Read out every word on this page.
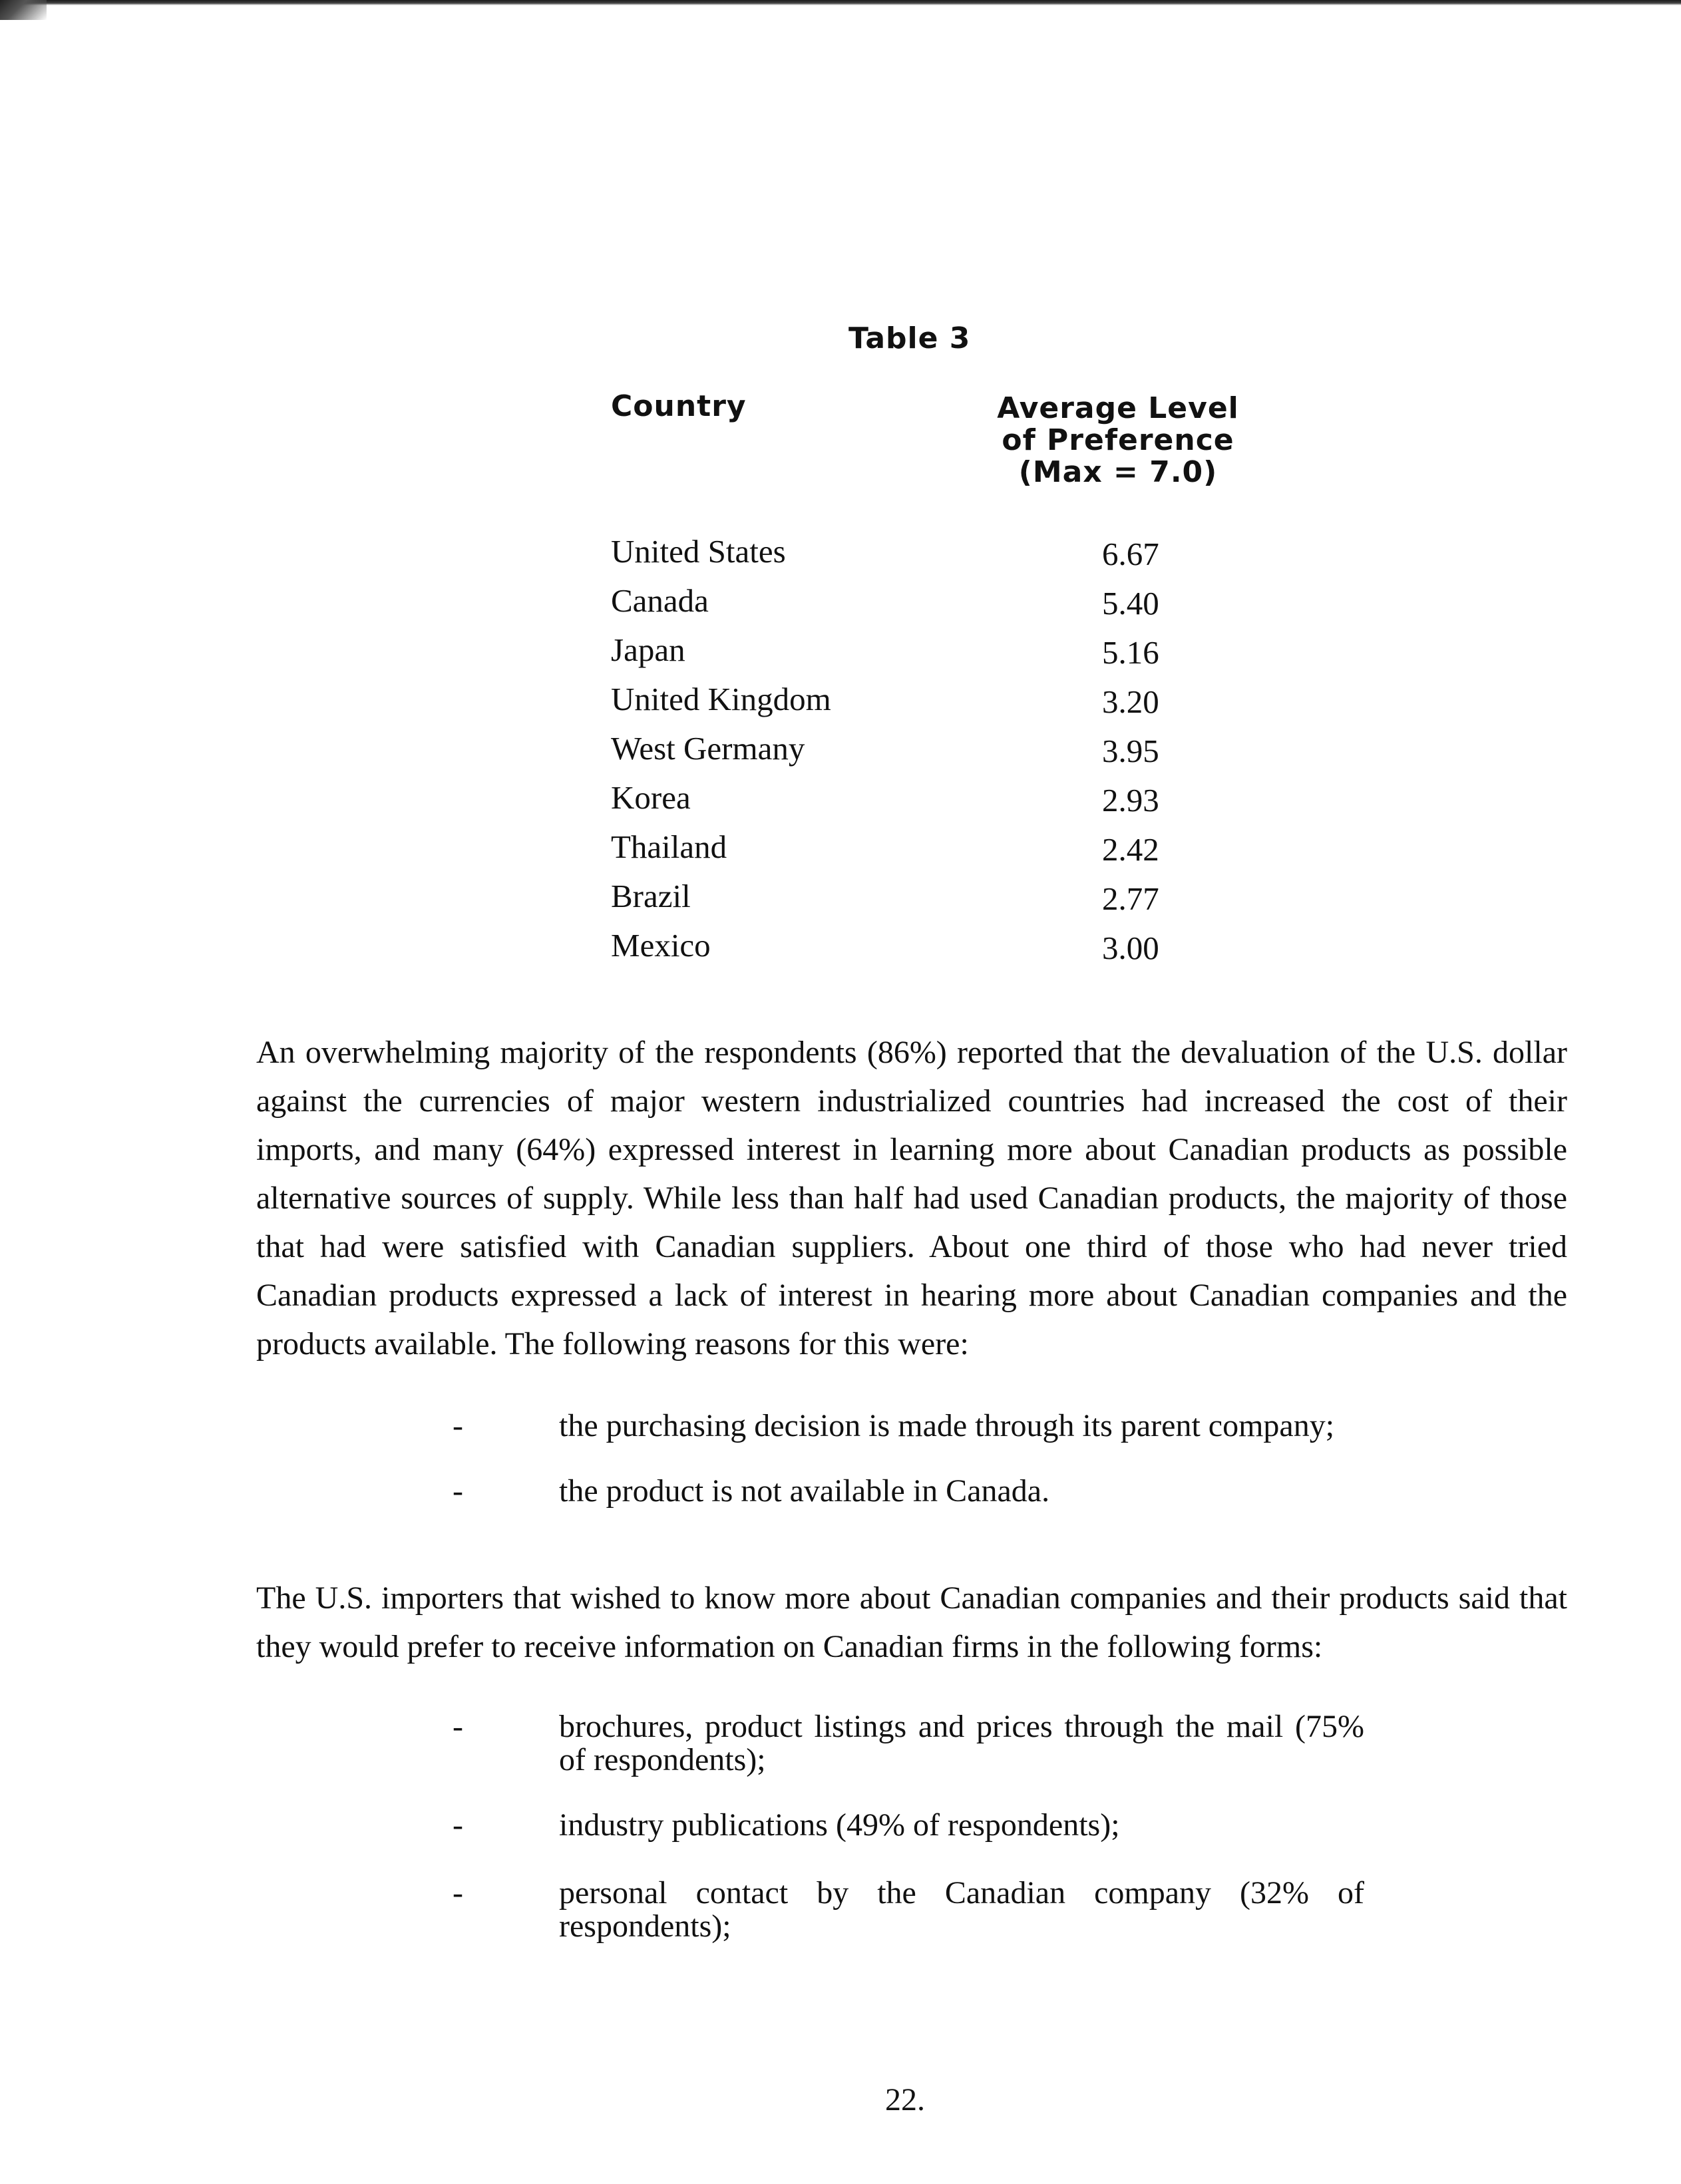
Table 3
Country	Average Level
of Preference
(Max = 7.0)
United States	6.67
Canada	5.40
Japan	5.16
United Kingdom	3.20
West Germany	3.95
Korea	2.93
Thailand	2.42
Brazil	2.77
Mexico	3.00
An overwhelming majority of the respondents (86%) reported that the devaluation of the U.S. dollar against the currencies of major western industrialized countries had increased the cost of their imports, and many (64%) expressed interest in learning more about Canadian products as possible alternative sources of supply. While less than half had used Canadian products, the majority of those that had were satisfied with Canadian suppliers. About one third of those who had never tried Canadian products expressed a lack of interest in hearing more about Canadian companies and the products available. The following reasons for this were:
-	the purchasing decision is made through its parent company;
-	the product is not available in Canada.
The U.S. importers that wished to know more about Canadian companies and their products said that they would prefer to receive information on Canadian firms in the following forms:
-	brochures, product listings and prices through the mail (75% of respondents);
-	industry publications (49% of respondents);
-	personal contact by the Canadian company (32% of respondents);
22.
